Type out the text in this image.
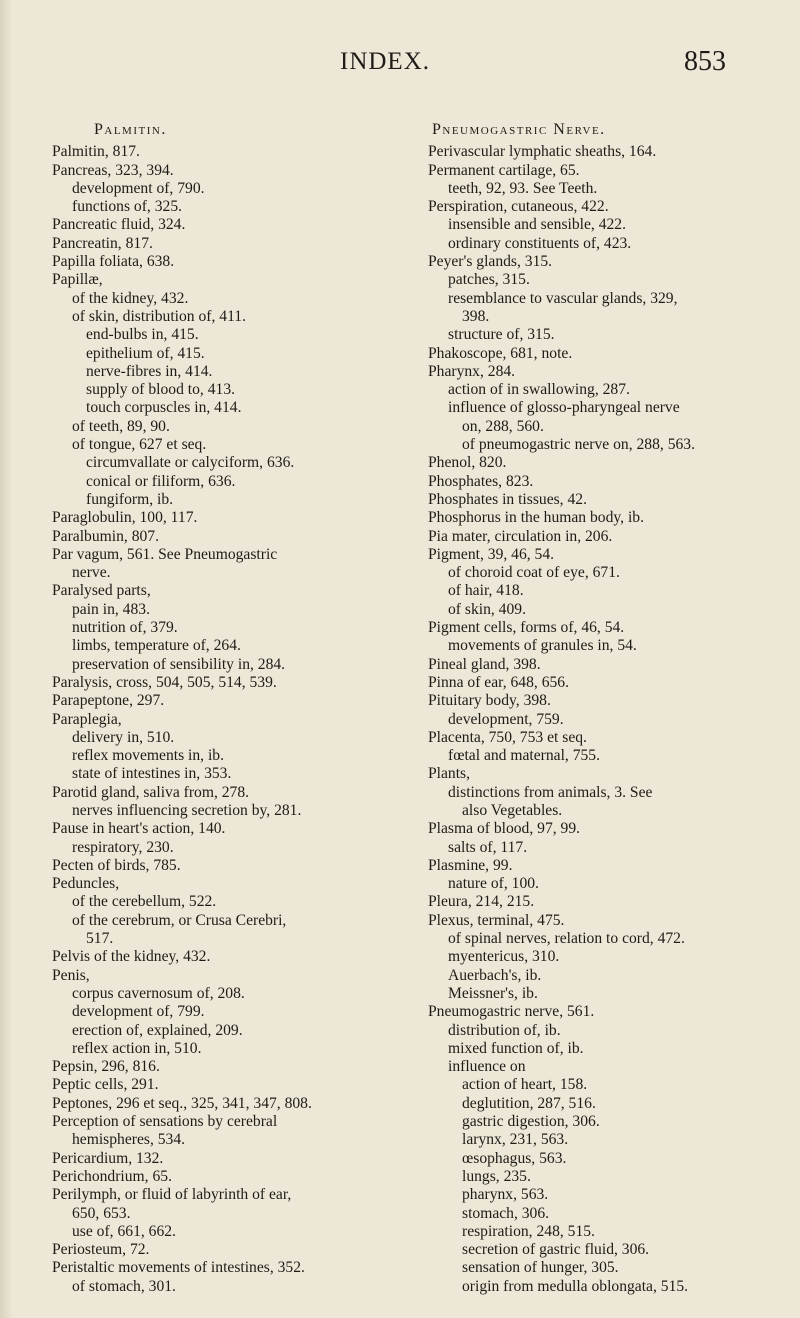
INDEX.	853
Palmitin.
Palmitin, 817.
Pancreas, 323, 394.
development of, 790.
functions of, 325.
Pancreatic fluid, 324.
Pancreatin, 817.
Papilla foliata, 638.
Papillæ,
of the kidney, 432.
of skin, distribution of, 411.
end-bulbs in, 415.
epithelium of, 415.
nerve-fibres in, 414.
supply of blood to, 413.
touch corpuscles in, 414.
of teeth, 89, 90.
of tongue, 627 et seq.
circumvallate or calyciform, 636.
conical or filiform, 636.
fungiform, ib.
Paraglobulin, 100, 117.
Paralbumin, 807.
Par vagum, 561. See Pneumogastric
nerve.
Paralysed parts,
pain in, 483.
nutrition of, 379.
limbs, temperature of, 264.
preservation of sensibility in, 284.
Paralysis, cross, 504, 505, 514, 539.
Parapeptone, 297.
Paraplegia,
delivery in, 510.
reflex movements in, ib.
state of intestines in, 353.
Parotid gland, saliva from, 278.
nerves influencing secretion by, 281.
Pause in heart's action, 140.
respiratory, 230.
Pecten of birds, 785.
Peduncles,
of the cerebellum, 522.
of the cerebrum, or Crusa Cerebri,
517.
Pelvis of the kidney, 432.
Penis,
corpus cavernosum of, 208.
development of, 799.
erection of, explained, 209.
reflex action in, 510.
Pepsin, 296, 816.
Peptic cells, 291.
Peptones, 296 et seq., 325, 341, 347, 808.
Perception of sensations by cerebral
hemispheres, 534.
Pericardium, 132.
Perichondrium, 65.
Perilymph, or fluid of labyrinth of ear,
650, 653.
use of, 661, 662.
Periosteum, 72.
Peristaltic movements of intestines, 352.
of stomach, 301.
Pneumogastric Nerve.
Perivascular lymphatic sheaths, 164.
Permanent cartilage, 65.
teeth, 92, 93. See Teeth.
Perspiration, cutaneous, 422.
insensible and sensible, 422.
ordinary constituents of, 423.
Peyer's glands, 315.
patches, 315.
resemblance to vascular glands, 329,
398.
structure of, 315.
Phakoscope, 681, note.
Pharynx, 284.
action of in swallowing, 287.
influence of glosso-pharyngeal nerve
on, 288, 560.
of pneumogastric nerve on, 288, 563.
Phenol, 820.
Phosphates, 823.
Phosphates in tissues, 42.
Phosphorus in the human body, ib.
Pia mater, circulation in, 206.
Pigment, 39, 46, 54.
of choroid coat of eye, 671.
of hair, 418.
of skin, 409.
Pigment cells, forms of, 46, 54.
movements of granules in, 54.
Pineal gland, 398.
Pinna of ear, 648, 656.
Pituitary body, 398.
development, 759.
Placenta, 750, 753 et seq.
fœtal and maternal, 755.
Plants,
distinctions from animals, 3. See
also Vegetables.
Plasma of blood, 97, 99.
salts of, 117.
Plasmine, 99.
nature of, 100.
Pleura, 214, 215.
Plexus, terminal, 475.
of spinal nerves, relation to cord, 472.
myentericus, 310.
Auerbach's, ib.
Meissner's, ib.
Pneumogastric nerve, 561.
distribution of, ib.
mixed function of, ib.
influence on
action of heart, 158.
deglutition, 287, 516.
gastric digestion, 306.
larynx, 231, 563.
œsophagus, 563.
lungs, 235.
pharynx, 563.
stomach, 306.
respiration, 248, 515.
secretion of gastric fluid, 306.
sensation of hunger, 305.
origin from medulla oblongata, 515.
